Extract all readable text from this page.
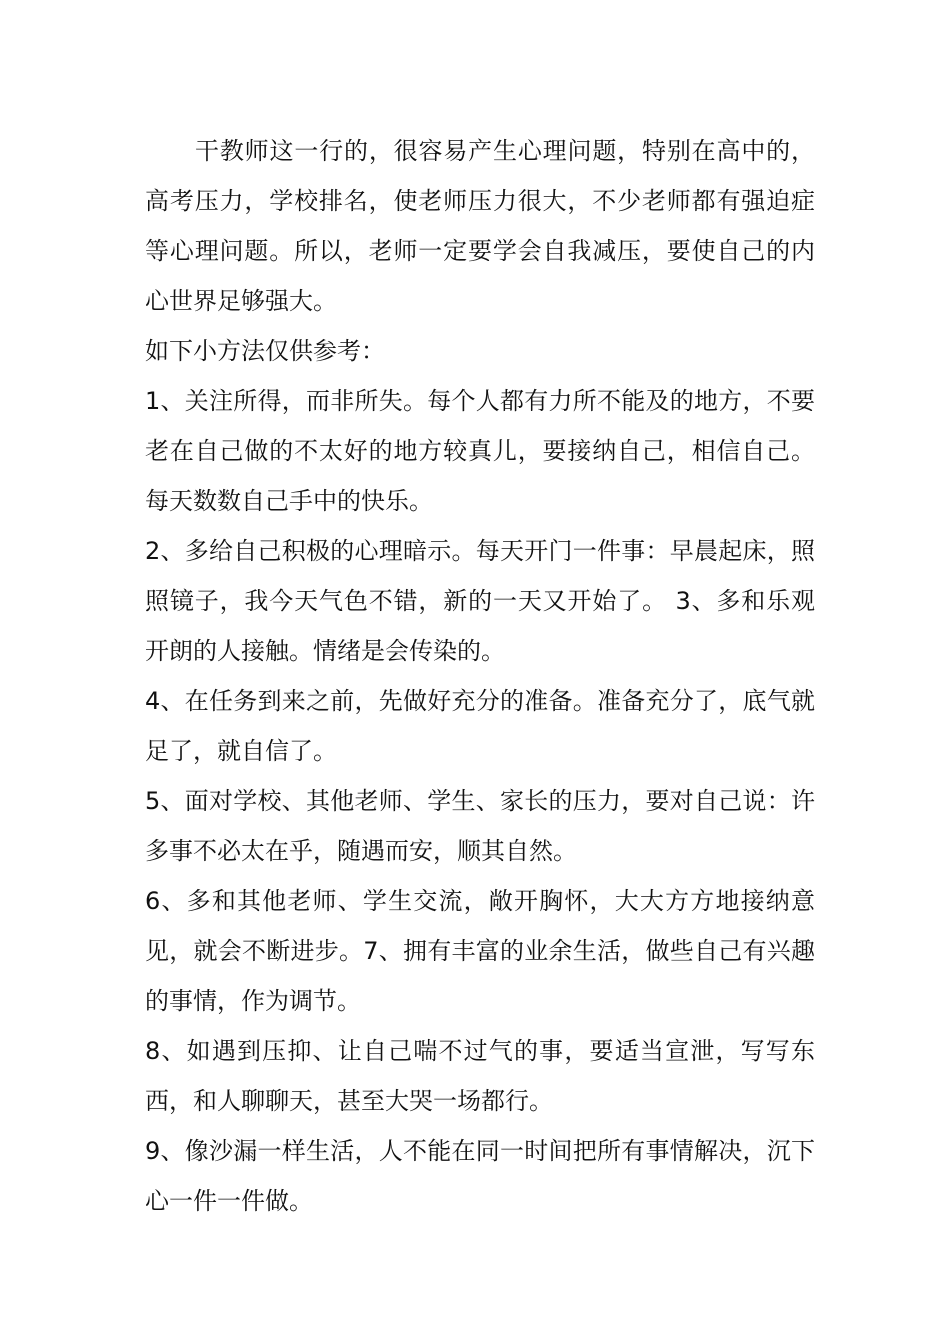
干教师这一行的，很容易产生心理问题，特别在高中的，高考压力，学校排名，使老师压力很大，不少老师都有强迫症等心理问题。所以，老师一定要学会自我减压，要使自己的内心世界足够强大。

如下小方法仅供参考：

1、关注所得，而非所失。每个人都有力所不能及的地方，不要老在自己做的不太好的地方较真儿，要接纳自己，相信自己。每天数数自己手中的快乐。

2、多给自己积极的心理暗示。每天开门一件事：早晨起床，照照镜子，我今天气色不错，新的一天又开始了。 3、多和乐观开朗的人接触。情绪是会传染的。

4、在任务到来之前，先做好充分的准备。准备充分了，底气就足了，就自信了。

5、面对学校、其他老师、学生、家长的压力，要对自己说：许多事不必太在乎，随遇而安，顺其自然。

6、多和其他老师、学生交流，敞开胸怀，大大方方地接纳意见，就会不断进步。7、拥有丰富的业余生活，做些自己有兴趣的事情，作为调节。

8、如遇到压抑、让自己喘不过气的事，要适当宣泄，写写东西，和人聊聊天，甚至大哭一场都行。

9、像沙漏一样生活，人不能在同一时间把所有事情解决，沉下心一件一件做。
